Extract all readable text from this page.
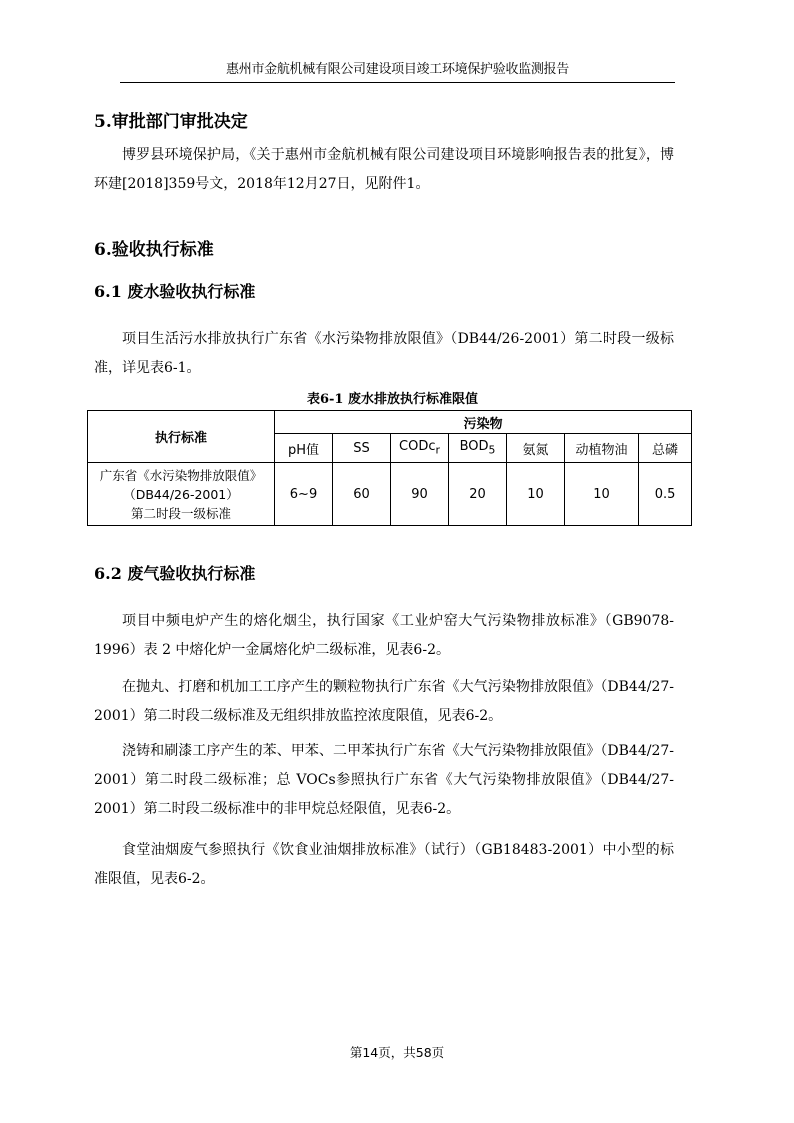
惠州市金航机械有限公司建设项目竣工环境保护验收监测报告
5.审批部门审批决定

博罗县环境保护局，《关于惠州市金航机械有限公司建设项目环境影响报告表的批复》，博环建[2018]359号文，2018年12月27日，见附件1。

6.验收执行标准
6.1 废水验收执行标准

项目生活污水排放执行广东省《水污染物排放限值》（DB44/26-2001）第二时段一级标准，详见表6-1。

表6-1 废水排放执行标准限值
执行标准	污染物						
	pH值	SS	CODc$_r$	$BOD_5$	氨氮	动植物油	总磷

广东省《水污染物排放限值》
（DB44/26-2001）
第二时段一级标准	6~9	60	90	20	10	10	0.5
6.2 废气验收执行标准

项目中频电炉产生的熔化烟尘，执行国家《工业炉窑大气污染物排放标准》（GB9078-1996）表 2 中熔化炉一金属熔化炉二级标准，见表6-2。

在抛丸、打磨和机加工工序产生的颗粒物执行广东省《大气污染物排放限值》（DB44/27-2001）第二时段二级标准及无组织排放监控浓度限值，见表6-2。

浇铸和刷漆工序产生的苯、甲苯、二甲苯执行广东省《大气污染物排放限值》（DB44/27-2001）第二时段二级标准；总 VOCs参照执行广东省《大气污染物排放限值》（DB44/27-2001）第二时段二级标准中的非甲烷总烃限值，见表6-2。

食堂油烟废气参照执行《饮食业油烟排放标准》（试行）（GB18483-2001）中小型的标准限值，见表6-2。

第14页，共58页
